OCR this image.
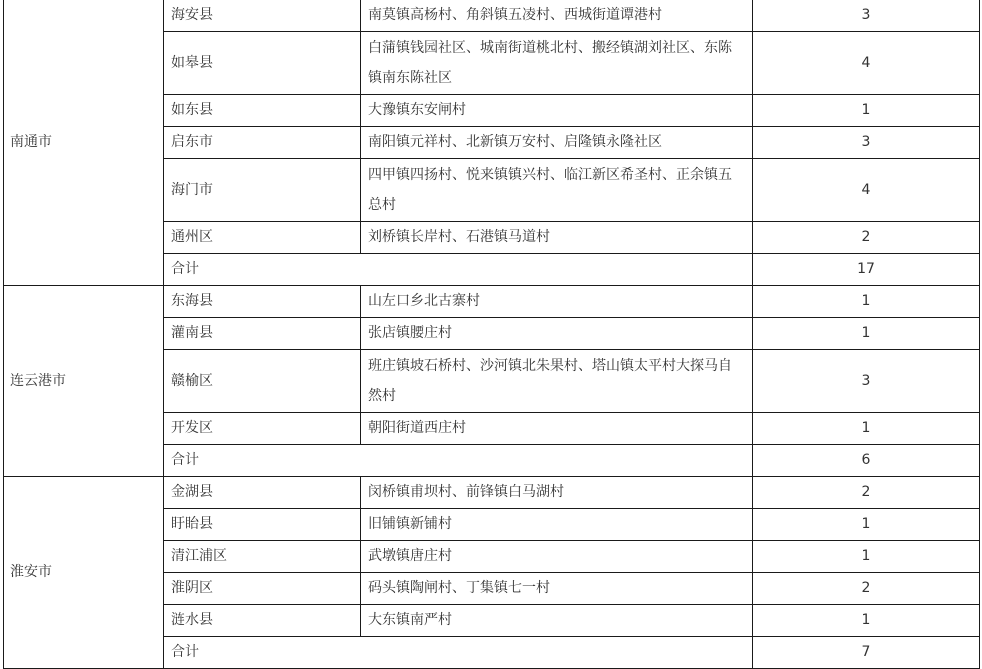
南通市	海安县	南莫镇高杨村、角斜镇五凌村、西城街道谭港村	3
	如皋县	白蒲镇钱园社区、城南街道桃北村、搬经镇湖刘社区、东陈镇南东陈社区	4
	如东县	大豫镇东安闸村	1
	启东市	南阳镇元祥村、北新镇万安村、启隆镇永隆社区	3
	海门市	四甲镇四扬村、悦来镇镇兴村、临江新区希圣村、正余镇五总村	4
	通州区	刘桥镇长岸村、石港镇马道村	2
	合计		17
连云港市	东海县	山左口乡北古寨村	1
	灌南县	张店镇腰庄村	1
	赣榆区	班庄镇坡石桥村、沙河镇北朱果村、塔山镇太平村大探马自然村	3
	开发区	朝阳街道西庄村	1
	合计		6
淮安市	金湖县	闵桥镇甫坝村、前锋镇白马湖村	2
	盱眙县	旧铺镇新铺村	1
	清江浦区	武墩镇唐庄村	1
	淮阴区	码头镇陶闸村、丁集镇七一村	2
	涟水县	大东镇南严村	1
	合计		7
